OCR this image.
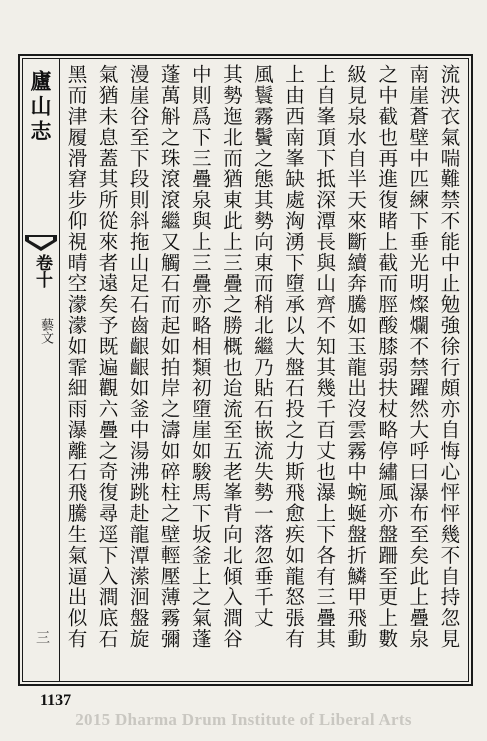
廬山志
卷十
藝文
三	流泱衣氣喘難禁不能中止勉強徐行頗亦自悔心怦怦幾不自持忽見
南崖蒼壁中匹練下垂光明燦爛不禁躍然大呼曰瀑布至矣此上疊泉
之中截也再進復睹上截而脛酸膝弱扶杖略停繡風亦盤跚至更上數
級見泉水自半天來斷續奔騰如玉龍出沒雲霧中蜿蜒盤折鱗甲飛動
上自峯頂下抵深潭長與山齊不知其幾千百丈也瀑上下各有三疊其
上由西南峯缺處洶湧下墮承以大盤石投之力斯飛愈疾如龍怒張有
風鬟霧鬢之態其勢向東而稍北繼乃貼石嵌流失勢一落忽垂千丈
其勢迤北而猶東此上三疊之勝概也迨流至五老峯背向北傾入澗谷
中則爲下三疊泉與上三疊亦略相類初墮崖如駿馬下坂釜上之氣蓬
蓬萬斛之珠滾滾繼又觸石而起如拍岸之濤如碎柱之壁輕壓薄霧彌
漫崖谷至下段則斜拖山足石齒齦齦如釜中湯沸跳赴龍潭潆洄盤旋
氣猶未息蓋其所從來者遠矣予既遍觀六疊之奇復尋逕下入澗底石
黑而津履滑窘步仰視晴空濛濛如霏細雨瀑離石飛騰生氣逼出似有
1137
2015 Dharma Drum Institute of Liberal Arts
